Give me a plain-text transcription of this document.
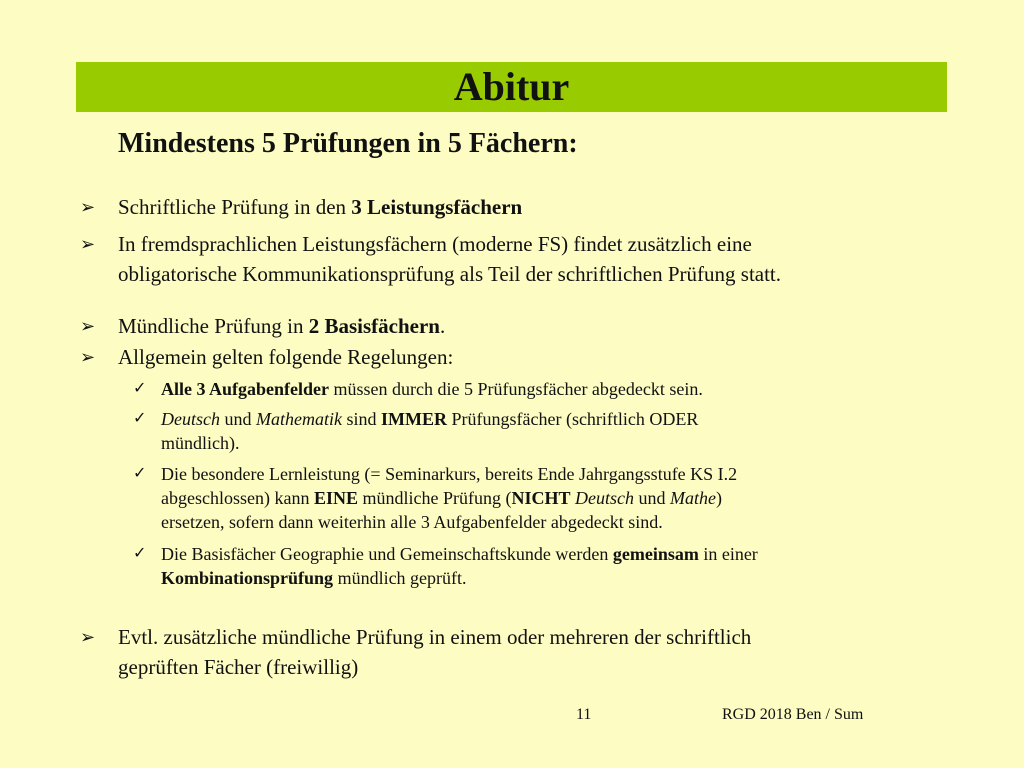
Abitur
Mindestens 5 Prüfungen in 5 Fächern:
➢	Schriftliche Prüfung in den 3 Leistungsfächern
➢	In fremdsprachlichen Leistungsfächern (moderne FS) findet zusätzlich eine
obligatorische Kommunikationsprüfung als Teil der schriftlichen Prüfung statt.
➢	Mündliche Prüfung in 2 Basisfächern.
➢	Allgemein gelten folgende Regelungen:
✓ Alle 3 Aufgabenfelder müssen durch die 5 Prüfungsfächer abgedeckt sein.
✓ Deutsch und Mathematik sind IMMER Prüfungsfächer (schriftlich ODER
mündlich).
✓ Die besondere Lernleistung (= Seminarkurs, bereits Ende Jahrgangsstufe KS I.2
abgeschlossen) kann EINE mündliche Prüfung (NICHT Deutsch und Mathe)
ersetzen, sofern dann weiterhin alle 3 Aufgabenfelder abgedeckt sind.
✓ Die Basisfächer Geographie und Gemeinschaftskunde werden gemeinsam in einer
Kombinationsprüfung mündlich geprüft.
➢	Evtl. zusätzliche mündliche Prüfung in einem oder mehreren der schriftlich
geprüften Fächer (freiwillig)
11	RGD 2018 Ben / Sum
